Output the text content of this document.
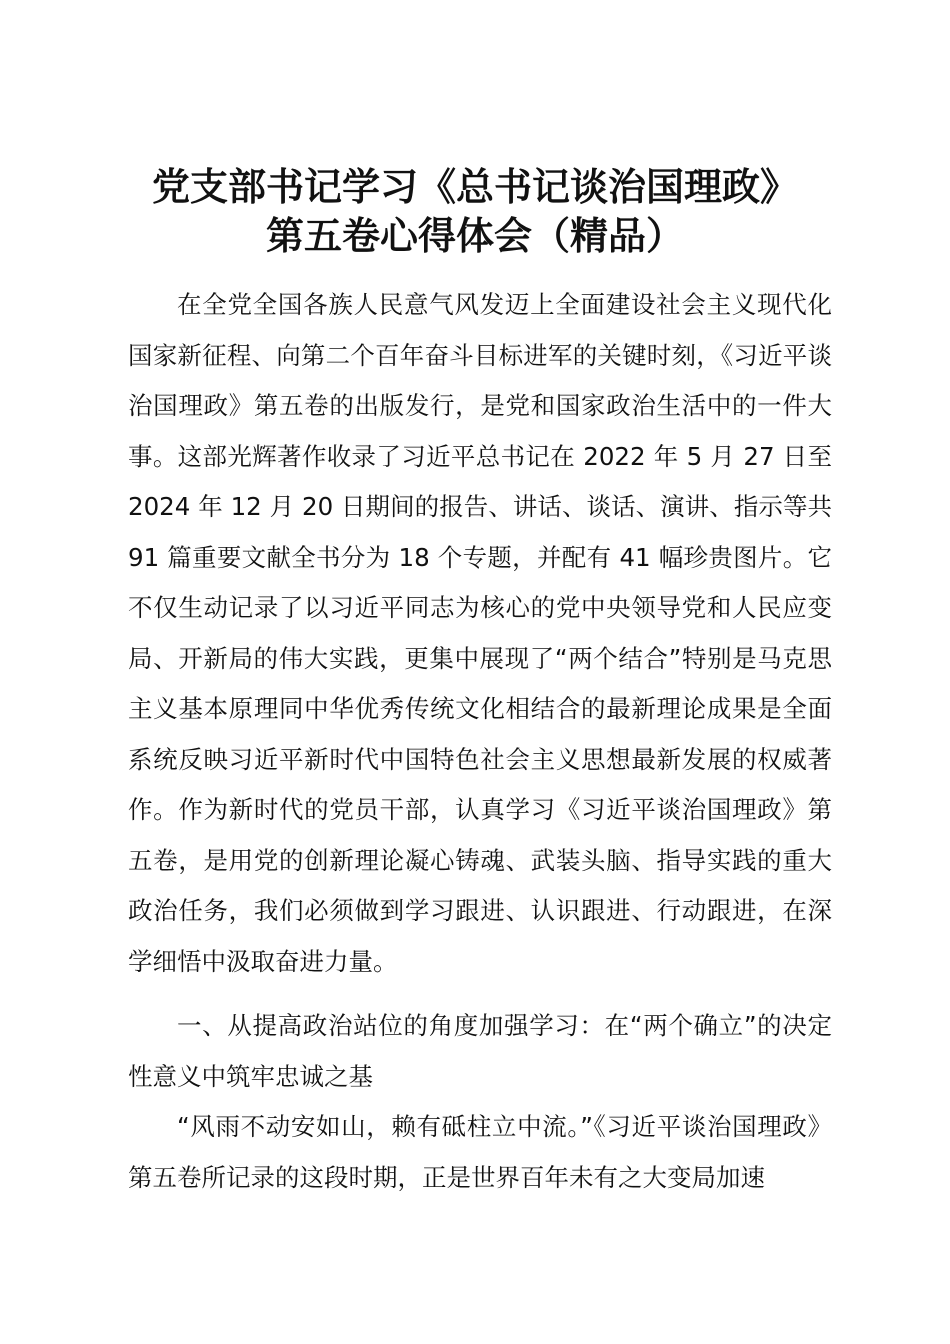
党支部书记学习《总书记谈治国理政》
第五卷心得体会（精品）

在全党全国各族人民意气风发迈上全面建设社会主义现代化国家新征程、向第二个百年奋斗目标进军的关键时刻，《习近平谈治国理政》第五卷的出版发行，是党和国家政治生活中的一件大事。这部光辉著作收录了习近平总书记在 2022 年 5 月 27 日至 2024 年 12 月 20 日期间的报告、讲话、谈话、演讲、指示等共 91 篇重要文献全书分为 18 个专题，并配有 41 幅珍贵图片。它不仅生动记录了以习近平同志为核心的党中央领导党和人民应变局、开新局的伟大实践，更集中展现了“两个结合”特别是马克思主义基本原理同中华优秀传统文化相结合的最新理论成果是全面系统反映习近平新时代中国特色社会主义思想最新发展的权威著作。作为新时代的党员干部，认真学习《习近平谈治国理政》第五卷，是用党的创新理论凝心铸魂、武装头脑、指导实践的重大政治任务，我们必须做到学习跟进、认识跟进、行动跟进，在深学细悟中汲取奋进力量。

一、从提高政治站位的角度加强学习：在“两个确立”的决定性意义中筑牢忠诚之基

“风雨不动安如山，赖有砥柱立中流。”《习近平谈治国理政》第五卷所记录的这段时期，正是世界百年未有之大变局加速
